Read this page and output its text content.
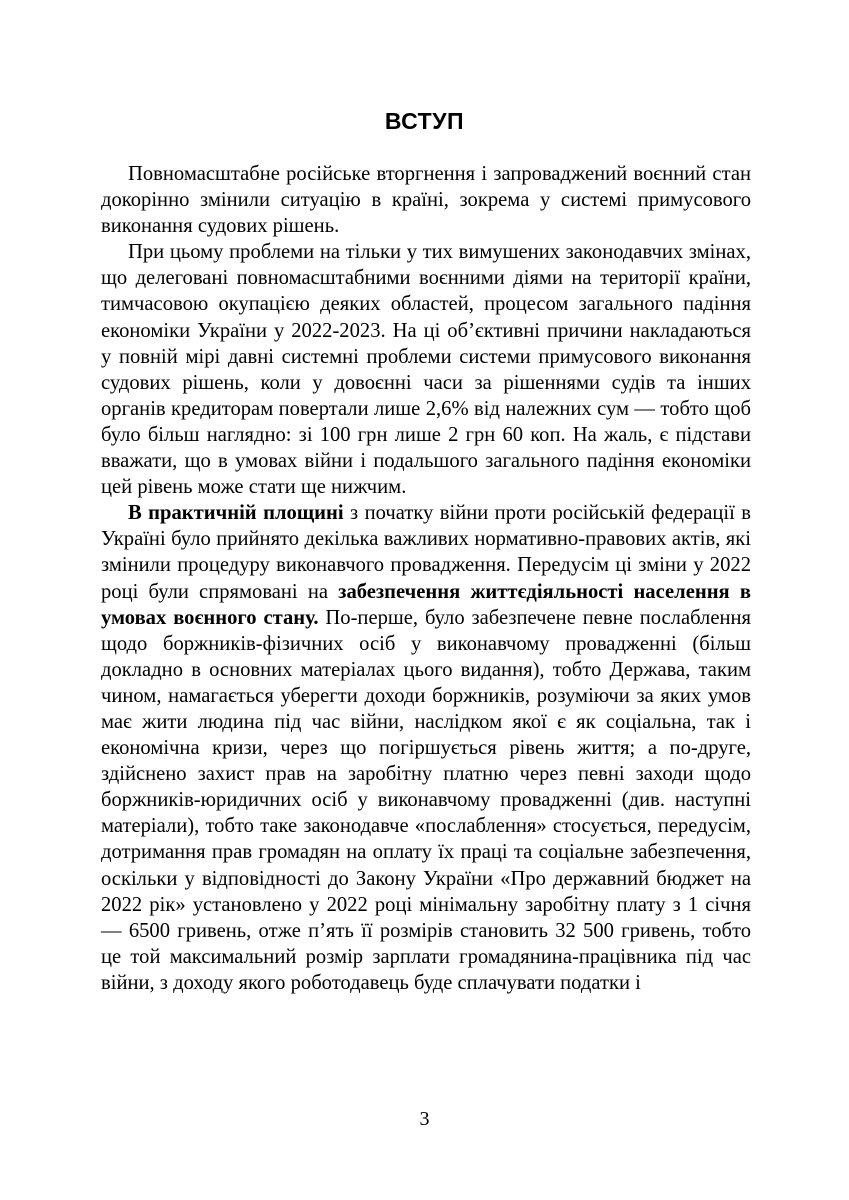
ВСТУП

Повномасштабне російське вторгнення і запроваджений воєнний стан докорінно змінили ситуацію в країні, зокрема у системі примусового виконання судових рішень.

При цьому проблеми на тільки у тих вимушених законодавчих змінах, що делеговані повномасштабними воєнними діями на території країни, тимчасовою окупацією деяких областей, процесом загального падіння економіки України у 2022-2023. На ці об’єктивні причини накладаються у повній мірі давні системні проблеми системи примусового виконання судових рішень, коли у довоєнні часи за рішеннями судів та інших органів кредиторам повертали лише 2,6% від належних сум — тобто щоб було більш наглядно: зі 100 грн лише 2 грн 60 коп. На жаль, є підстави вважати, що в умовах війни і подальшого загального падіння економіки цей рівень може стати ще нижчим.

В практичній площині з початку війни проти російській федерації в Україні було прийнято декілька важливих нормативно-правових актів, які змінили процедуру виконавчого провадження. Передусім ці зміни у 2022 році були спрямовані на забезпечення життєдіяльності населення в умовах воєнного стану. По-перше, було забезпечене певне послаблення щодо боржників-фізичних осіб у виконавчому провадженні (більш докладно в основних матеріалах цього видання), тобто Держава, таким чином, намагається уберегти доходи боржників, розуміючи за яких умов має жити людина під час війни, наслідком якої є як соціальна, так і економічна кризи, через що погіршується рівень життя; а по-друге, здійснено захист прав на заробітну платню через певні заходи щодо боржників-юридичних осіб у виконавчому провадженні (див. наступні матеріали), тобто таке законодавче «послаблення» стосується, передусім, дотримання прав громадян на оплату їх праці та соціальне забезпечення, оскільки у відповідності до Закону України «Про державний бюджет на 2022 рік» установлено у 2022 році мінімальну заробітну плату з 1 січня — 6500 гривень, отже п’ять її розмірів становить 32 500 гривень, тобто це той максимальний розмір зарплати громадянина-працівника під час війни, з доходу якого роботодавець буде сплачувати податки і

3
